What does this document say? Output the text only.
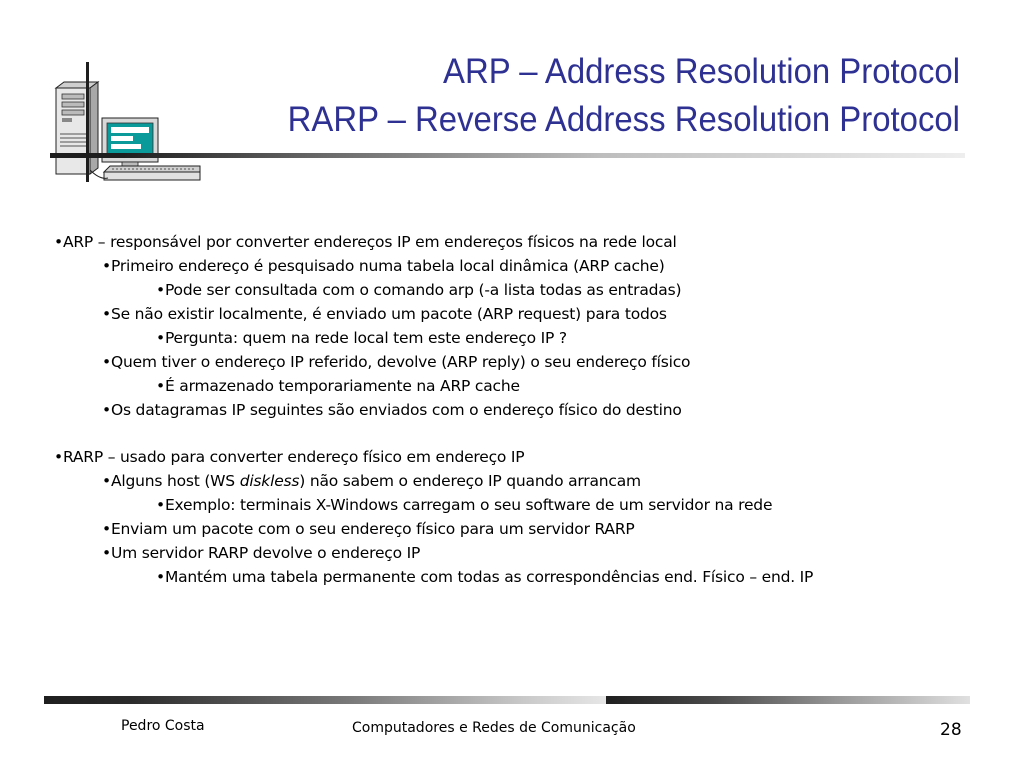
ARP – Address Resolution Protocol
RARP – Reverse Address Resolution Protocol
•ARP – responsável por converter endereços IP em endereços físicos na rede local
•Primeiro endereço é pesquisado numa tabela local dinâmica (ARP cache)
•Pode ser consultada com o comando arp (-a lista todas as entradas)
•Se não existir localmente, é enviado um pacote (ARP request) para todos
•Pergunta: quem na rede local tem este endereço IP ?
•Quem tiver o endereço IP referido, devolve (ARP reply) o seu endereço físico
•É armazenado temporariamente na ARP cache
•Os datagramas IP seguintes são enviados com o endereço físico do destino
•RARP – usado para converter endereço físico em endereço IP
•Alguns host (WS diskless) não sabem o endereço IP quando arrancam
•Exemplo: terminais X-Windows carregam o seu software de um servidor na rede
•Enviam um pacote com o seu endereço físico para um servidor RARP
•Um servidor RARP devolve o endereço IP
•Mantém uma tabela permanente com todas as correspondências end. Físico – end. IP
Pedro Costa	Computadores e Redes de Comunicação	28
